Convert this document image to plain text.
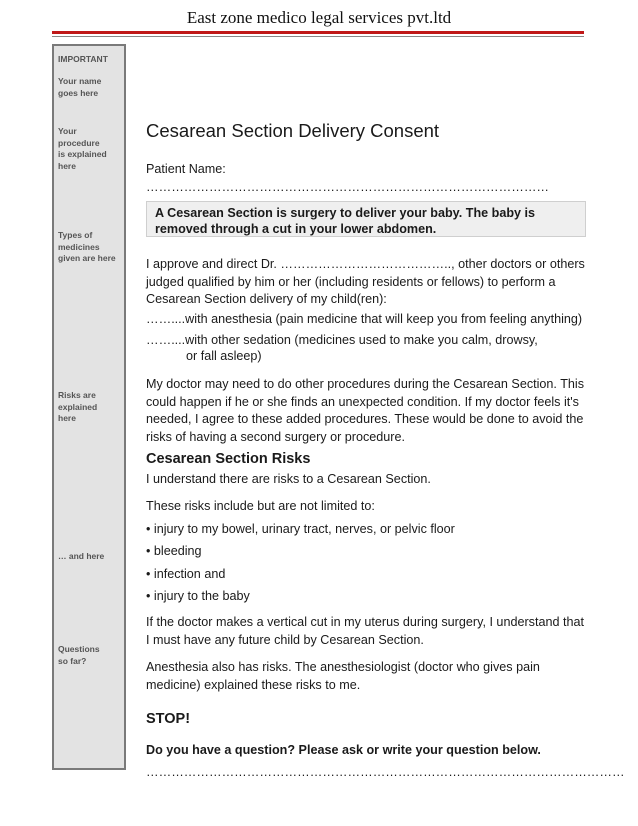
East zone medico legal services pvt.ltd
IMPORTANT
Your name
goes here
Your
procedure
is explained
here
Types of
medicines
given are here
Risks are
explained
here
… and here
Questions
so far?
Cesarean Section Delivery Consent
Patient Name: ……………………………………………………………………………………
A Cesarean Section is surgery to deliver your baby. The baby is removed through a cut in your lower abdomen.
I approve and direct Dr. ………………………………….., other doctors or others judged qualified by him or her (including residents or fellows) to perform a Cesarean Section delivery of my child(ren):
……....with anesthesia (pain medicine that will keep you from feeling anything)
……....with other sedation (medicines used to make you calm, drowsy,
or fall asleep)
My doctor may need to do other procedures during the Cesarean Section. This could happen if he or she finds an unexpected condition. If my doctor feels it's needed, I agree to these added procedures. These would be done to avoid the risks of having a second surgery or procedure.
Cesarean Section Risks
I understand there are risks to a Cesarean Section.
These risks include but are not limited to:
• injury to my bowel, urinary tract, nerves, or pelvic floor
• bleeding
• infection and
• injury to the baby
If the doctor makes a vertical cut in my uterus during surgery, I understand that I must have any future child by Cesarean Section.
Anesthesia also has risks. The anesthesiologist (doctor who gives pain medicine) explained these risks to me.
STOP!
Do you have a question? Please ask or write your question below.
……………………………………………………………………………………………………
